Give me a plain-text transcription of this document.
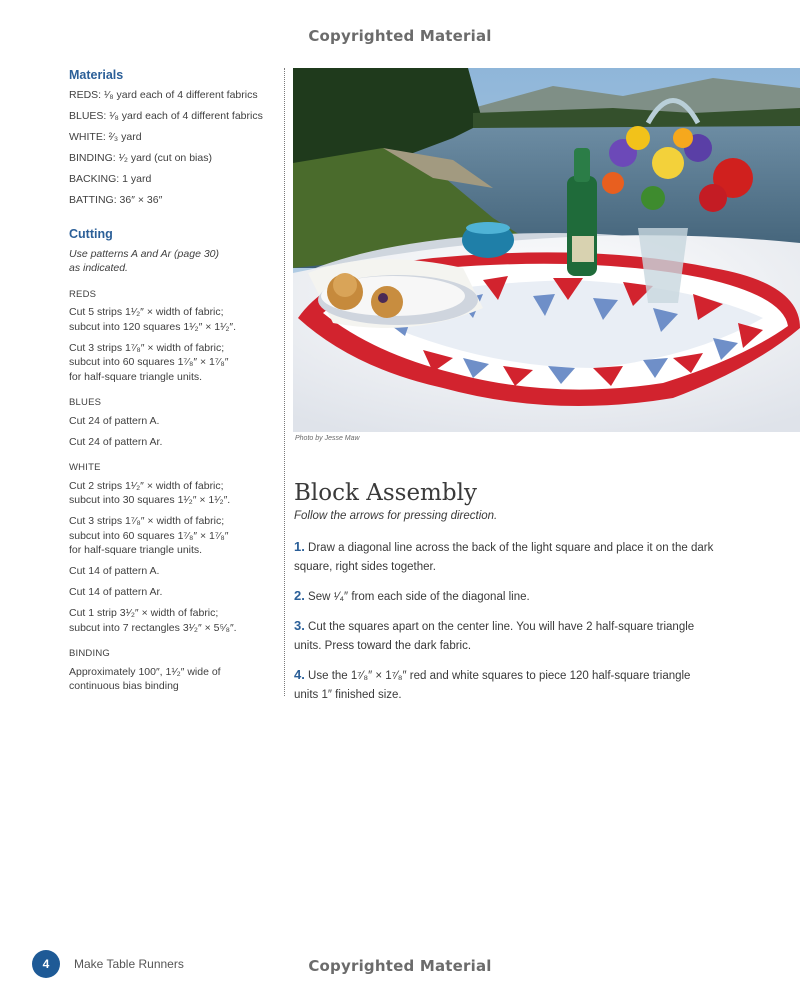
Copyrighted Material
Materials
REDS: ¹⁄₈ yard each of 4 different fabrics
BLUES: ¹⁄₈ yard each of 4 different fabrics
WHITE: ²⁄₃ yard
BINDING: ¹⁄₂ yard (cut on bias)
BACKING: 1 yard
BATTING: 36″ × 36″
Cutting
Use patterns A and Ar (page 30)
as indicated.
REDS
Cut 5 strips 1¹⁄₂″ × width of fabric;
subcut into 120 squares 1¹⁄₂″ × 1¹⁄₂″.
Cut 3 strips 1⁷⁄₈″ × width of fabric;
subcut into 60 squares 1⁷⁄₈″ × 1⁷⁄₈″
for half-square triangle units.
BLUES
Cut 24 of pattern A.
Cut 24 of pattern Ar.
WHITE
Cut 2 strips 1¹⁄₂″ × width of fabric;
subcut into 30 squares 1¹⁄₂″ × 1¹⁄₂″.
Cut 3 strips 1⁷⁄₈″ × width of fabric;
subcut into 60 squares 1⁷⁄₈″ × 1⁷⁄₈″
for half-square triangle units.
Cut 14 of pattern A.
Cut 14 of pattern Ar.
Cut 1 strip 3¹⁄₂″ × width of fabric;
subcut into 7 rectangles 3¹⁄₂″ × 5⁵⁄₈″.
BINDING
Approximately 100″, 1¹⁄₂″ wide of
continuous bias binding
Photo by Jesse Maw
Block Assembly
Follow the arrows for pressing direction.
1. Draw a diagonal line across the back of the light square and place it on the dark
square, right sides together.
2. Sew ¹⁄₄″ from each side of the diagonal line.
3. Cut the squares apart on the center line. You will have 2 half-square triangle
units. Press toward the dark fabric.
4. Use the 1⁷⁄₈″ × 1⁷⁄₈″ red and white squares to piece 120 half-square triangle
units 1″ finished size.
4	Make Table Runners	Copyrighted Material
